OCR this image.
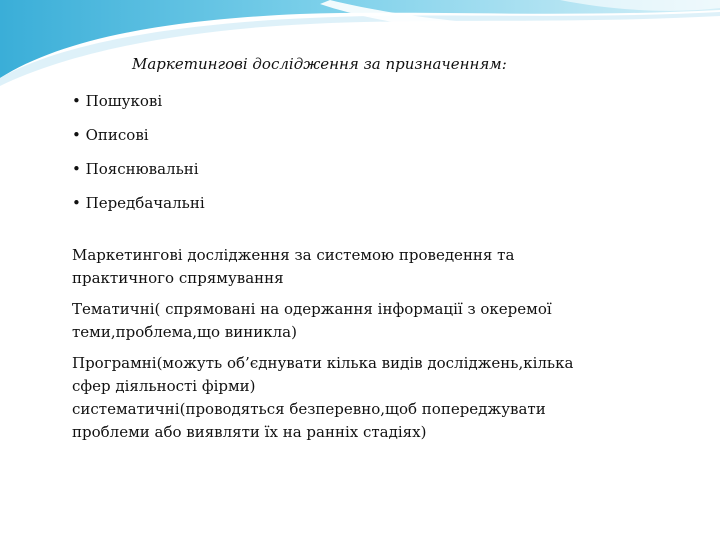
Маркетингові дослідження за призначенням:
• Пошукові
• Описові
• Пояснювальні
• Передбачальні
Маркетингові дослідження за системою проведення та
практичного спрямування
Тематичні( спрямовані на одержання інформації з океремої
теми,проблема,що виникла)
Програмні(можуть об’єднувати кілька видів досліджень,кілька
сфер діяльності фірми)
систематичні(проводяться безперевно,щоб попереджувати
проблеми або виявляти їх на ранніх стадіях)
